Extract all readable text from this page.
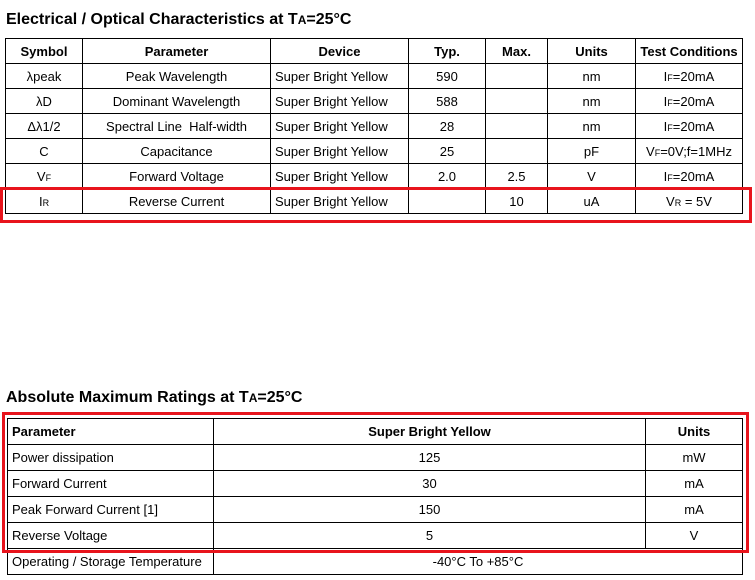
Electrical / Optical Characteristics at TA=25°C
Symbol	Parameter	Device	Typ.	Max.	Units	Test Conditions
λpeak	Peak Wavelength	Super Bright Yellow	590		nm	IF=20mA
λD	Dominant Wavelength	Super Bright Yellow	588		nm	IF=20mA
Δλ1/2	Spectral Line  Half-width	Super Bright Yellow	28		nm	IF=20mA
C	Capacitance	Super Bright Yellow	25		pF	VF=0V;f=1MHz
VF	Forward Voltage	Super Bright Yellow	2.0	2.5	V	IF=20mA
IR	Reverse Current	Super Bright Yellow		10	uA	VR = 5V
Absolute Maximum Ratings at TA=25°C
Parameter	Super Bright Yellow	Units
Power dissipation	125	mW
Forward Current	30	mA
Peak Forward Current [1]	150	mA
Reverse Voltage	5	V
Operating / Storage Temperature	-40°C To +85°C	
